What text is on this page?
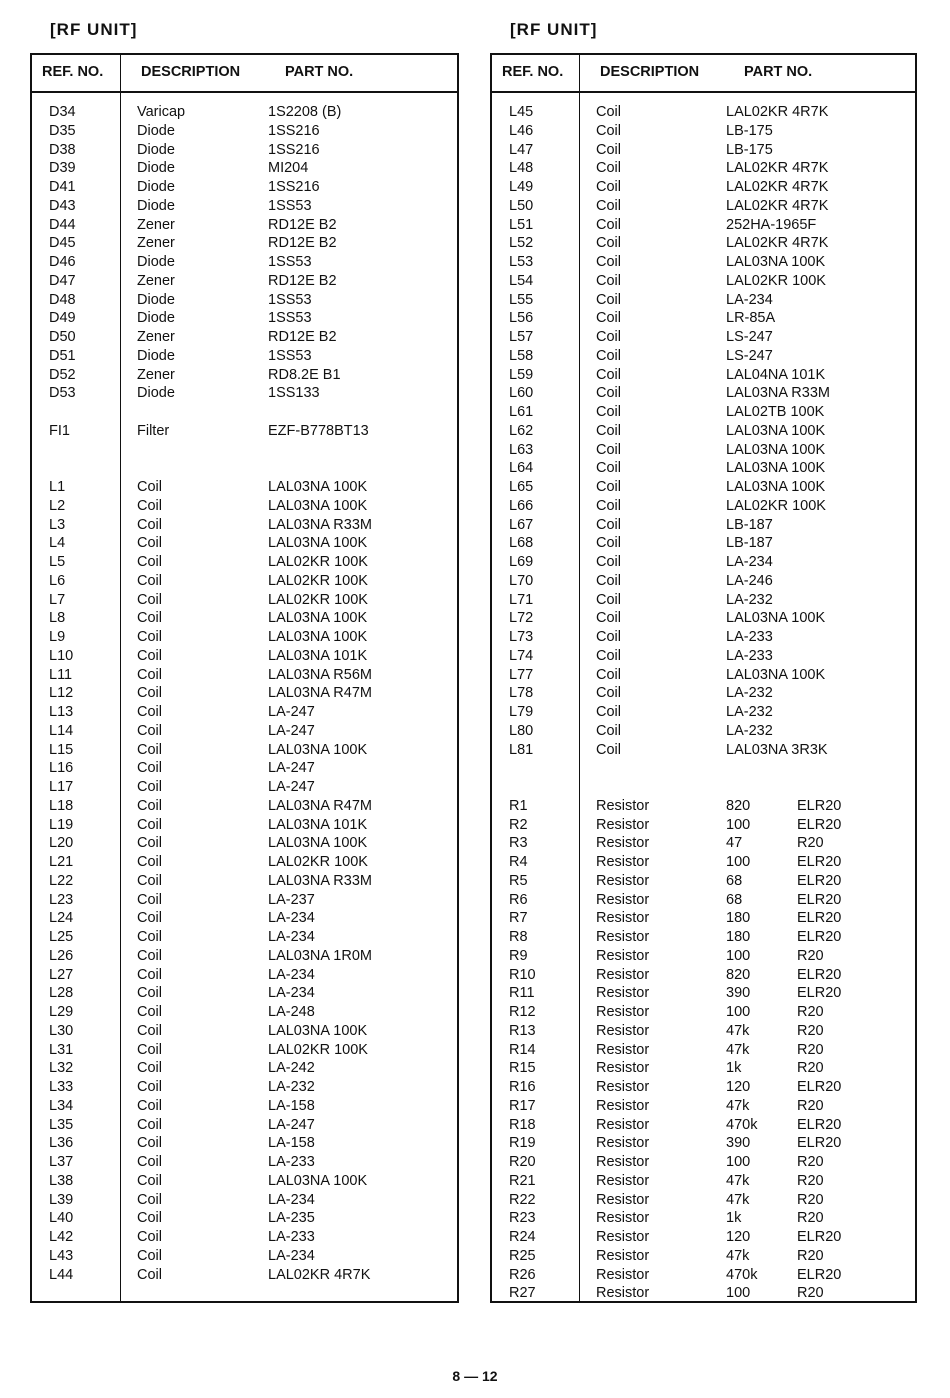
[RF UNIT]	[RF UNIT]
REF. NO.	DESCRIPTION	PART NO.
D34	Varicap	1S2208 (B)
D35	Diode	1SS216
D38	Diode	1SS216
D39	Diode	MI204
D41	Diode	1SS216
D43	Diode	1SS53
D44	Zener	RD12E B2
D45	Zener	RD12E B2
D46	Diode	1SS53
D47	Zener	RD12E B2
D48	Diode	1SS53
D49	Diode	1SS53
D50	Zener	RD12E B2
D51	Diode	1SS53
D52	Zener	RD8.2E B1
D53	Diode	1SS133
FI1	Filter	EZF-B778BT13
L1	Coil	LAL03NA 100K
L2	Coil	LAL03NA 100K
L3	Coil	LAL03NA R33M
L4	Coil	LAL03NA 100K
L5	Coil	LAL02KR 100K
L6	Coil	LAL02KR 100K
L7	Coil	LAL02KR 100K
L8	Coil	LAL03NA 100K
L9	Coil	LAL03NA 100K
L10	Coil	LAL03NA 101K
L11	Coil	LAL03NA R56M
L12	Coil	LAL03NA R47M
L13	Coil	LA-247
L14	Coil	LA-247
L15	Coil	LAL03NA 100K
L16	Coil	LA-247
L17	Coil	LA-247
L18	Coil	LAL03NA R47M
L19	Coil	LAL03NA 101K
L20	Coil	LAL03NA 100K
L21	Coil	LAL02KR 100K
L22	Coil	LAL03NA R33M
L23	Coil	LA-237
L24	Coil	LA-234
L25	Coil	LA-234
L26	Coil	LAL03NA 1R0M
L27	Coil	LA-234
L28	Coil	LA-234
L29	Coil	LA-248
L30	Coil	LAL03NA 100K
L31	Coil	LAL02KR 100K
L32	Coil	LA-242
L33	Coil	LA-232
L34	Coil	LA-158
L35	Coil	LA-247
L36	Coil	LA-158
L37	Coil	LA-233
L38	Coil	LAL03NA 100K
L39	Coil	LA-234
L40	Coil	LA-235
L42	Coil	LA-233
L43	Coil	LA-234
L44	Coil	LAL02KR 4R7K
REF. NO.	DESCRIPTION	PART NO.
L45	Coil	LAL02KR 4R7K
L46	Coil	LB-175
L47	Coil	LB-175
L48	Coil	LAL02KR 4R7K
L49	Coil	LAL02KR 4R7K
L50	Coil	LAL02KR 4R7K
L51	Coil	252HA-1965F
L52	Coil	LAL02KR 4R7K
L53	Coil	LAL03NA 100K
L54	Coil	LAL02KR 100K
L55	Coil	LA-234
L56	Coil	LR-85A
L57	Coil	LS-247
L58	Coil	LS-247
L59	Coil	LAL04NA 101K
L60	Coil	LAL03NA R33M
L61	Coil	LAL02TB 100K
L62	Coil	LAL03NA 100K
L63	Coil	LAL03NA 100K
L64	Coil	LAL03NA 100K
L65	Coil	LAL03NA 100K
L66	Coil	LAL02KR 100K
L67	Coil	LB-187
L68	Coil	LB-187
L69	Coil	LA-234
L70	Coil	LA-246
L71	Coil	LA-232
L72	Coil	LAL03NA 100K
L73	Coil	LA-233
L74	Coil	LA-233
L77	Coil	LAL03NA 100K
L78	Coil	LA-232
L79	Coil	LA-232
L80	Coil	LA-232
L81	Coil	LAL03NA 3R3K
R1	Resistor	820	ELR20
R2	Resistor	100	ELR20
R3	Resistor	47	R20
R4	Resistor	100	ELR20
R5	Resistor	68	ELR20
R6	Resistor	68	ELR20
R7	Resistor	180	ELR20
R8	Resistor	180	ELR20
R9	Resistor	100	R20
R10	Resistor	820	ELR20
R11	Resistor	390	ELR20
R12	Resistor	100	R20
R13	Resistor	47k	R20
R14	Resistor	47k	R20
R15	Resistor	1k	R20
R16	Resistor	120	ELR20
R17	Resistor	47k	R20
R18	Resistor	470k	ELR20
R19	Resistor	390	ELR20
R20	Resistor	100	R20
R21	Resistor	47k	R20
R22	Resistor	47k	R20
R23	Resistor	1k	R20
R24	Resistor	120	ELR20
R25	Resistor	47k	R20
R26	Resistor	470k	ELR20
R27	Resistor	100	R20
8 — 12
